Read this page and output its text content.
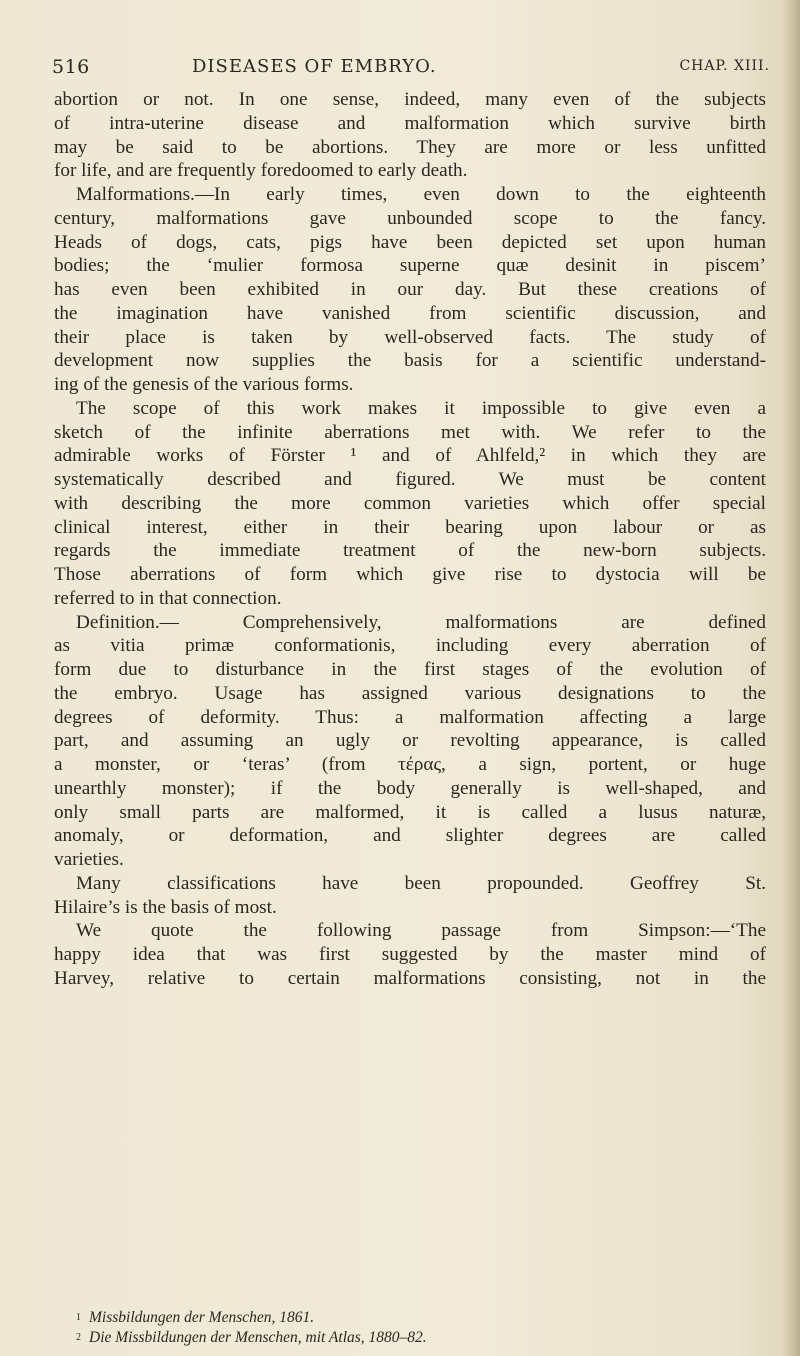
516	DISEASES OF EMBRYO.	CHAP. XIII.
abortion or not. In one sense, indeed, many even of the subjects
of intra-uterine disease and malformation which survive birth
may be said to be abortions. They are more or less unfitted
for life, and are frequently foredoomed to early death.
Malformations.—In early times, even down to the eighteenth
century, malformations gave unbounded scope to the fancy.
Heads of dogs, cats, pigs have been depicted set upon human
bodies; the ‘mulier formosa superne quæ desinit in piscem’
has even been exhibited in our day. But these creations of
the imagination have vanished from scientific discussion, and
their place is taken by well-observed facts. The study of
development now supplies the basis for a scientific understand-
ing of the genesis of the various forms.
The scope of this work makes it impossible to give even a
sketch of the infinite aberrations met with. We refer to the
admirable works of Förster ¹ and of Ahlfeld,² in which they are
systematically described and figured. We must be content
with describing the more common varieties which offer special
clinical interest, either in their bearing upon labour or as
regards the immediate treatment of the new-born subjects.
Those aberrations of form which give rise to dystocia will be
referred to in that connection.
Definition.— Comprehensively, malformations are defined
as vitia primæ conformationis, including every aberration of
form due to disturbance in the first stages of the evolution of
the embryo. Usage has assigned various designations to the
degrees of deformity. Thus: a malformation affecting a large
part, and assuming an ugly or revolting appearance, is called
a monster, or ‘teras’ (from τέρας, a sign, portent, or huge
unearthly monster); if the body generally is well-shaped, and
only small parts are malformed, it is called a lusus naturæ,
anomaly, or deformation, and slighter degrees are called
varieties.
Many classifications have been propounded. Geoffrey St.
Hilaire’s is the basis of most.
We quote the following passage from Simpson:—‘The
happy idea that was first suggested by the master mind of
Harvey, relative to certain malformations consisting, not in the
$^1$ Missbildungen der Menschen, 1861.
$^2$ Die Missbildungen der Menschen, mit Atlas, 1880–82.
